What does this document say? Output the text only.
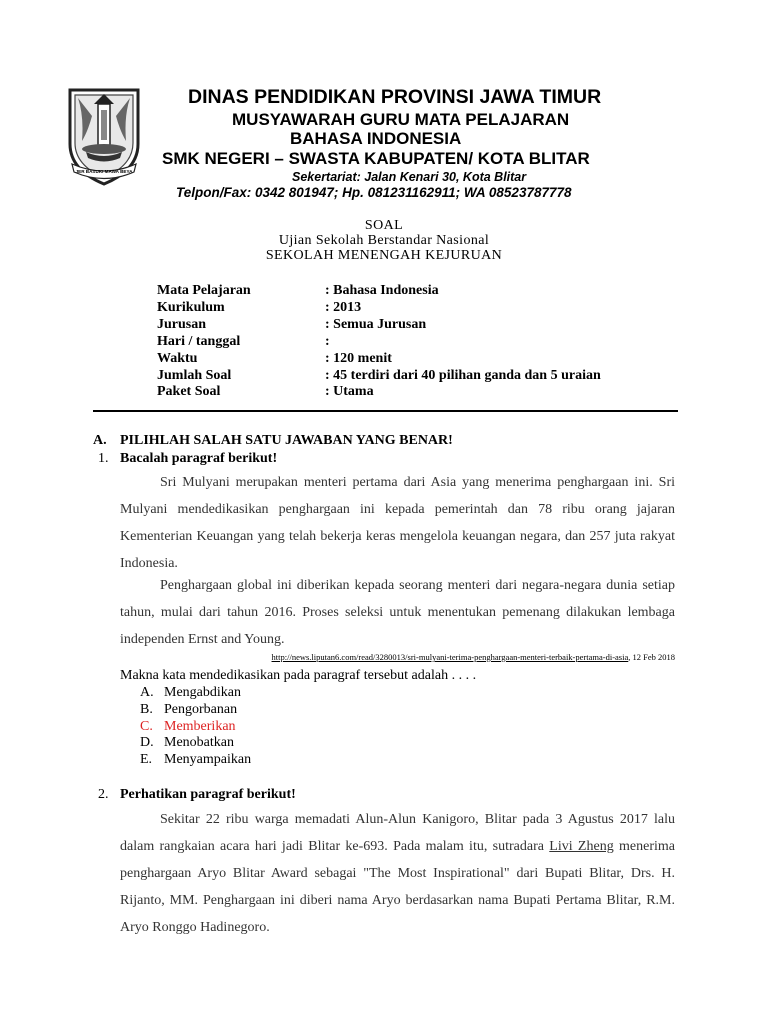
JER BASUKI MAWA BEYA
DINAS PENDIDIKAN PROVINSI JAWA TIMUR
MUSYAWARAH GURU MATA PELAJARAN
BAHASA INDONESIA
SMK NEGERI – SWASTA KABUPATEN/ KOTA BLITAR
Sekertariat: Jalan Kenari 30, Kota Blitar
Telpon/Fax: 0342 801947; Hp. 081231162911; WA 08523787778
SOAL
Ujian Sekolah Berstandar Nasional
SEKOLAH MENENGAH KEJURUAN
Mata Pelajaran	: Bahasa Indonesia
Kurikulum	: 2013
Jurusan	: Semua Jurusan
Hari / tanggal	:
Waktu	: 120 menit
Jumlah Soal	: 45 terdiri dari 40 pilihan ganda dan 5 uraian
Paket Soal	: Utama
A. PILIHLAH SALAH SATU JAWABAN YANG BENAR!
1. Bacalah paragraf berikut!
Sri Mulyani merupakan menteri pertama dari Asia yang menerima penghargaan ini. Sri Mulyani mendedikasikan penghargaan ini kepada pemerintah dan 78 ribu orang jajaran Kementerian Keuangan yang telah bekerja keras mengelola keuangan negara, dan 257 juta rakyat Indonesia.
Penghargaan global ini diberikan kepada seorang menteri dari negara-negara dunia setiap tahun, mulai dari tahun 2016. Proses seleksi untuk menentukan pemenang dilakukan lembaga independen Ernst and Young.
http://news.liputan6.com/read/3280013/sri-mulyani-terima-penghargaan-menteri-terbaik-pertama-di-asia, 12 Feb 2018
Makna kata mendedikasikan pada paragraf tersebut adalah . . . .
A. Mengabdikan
B. Pengorbanan
C. Memberikan
D. Menobatkan
E. Menyampaikan
2. Perhatikan paragraf berikut!
Sekitar 22 ribu warga memadati Alun-Alun Kanigoro, Blitar pada 3 Agustus 2017 lalu dalam rangkaian acara hari jadi Blitar ke-693. Pada malam itu, sutradara Livi Zheng menerima penghargaan Aryo Blitar Award sebagai "The Most Inspirational" dari Bupati Blitar, Drs. H. Rijanto, MM. Penghargaan ini diberi nama Aryo berdasarkan nama Bupati Pertama Blitar, R.M. Aryo Ronggo Hadinegoro.
